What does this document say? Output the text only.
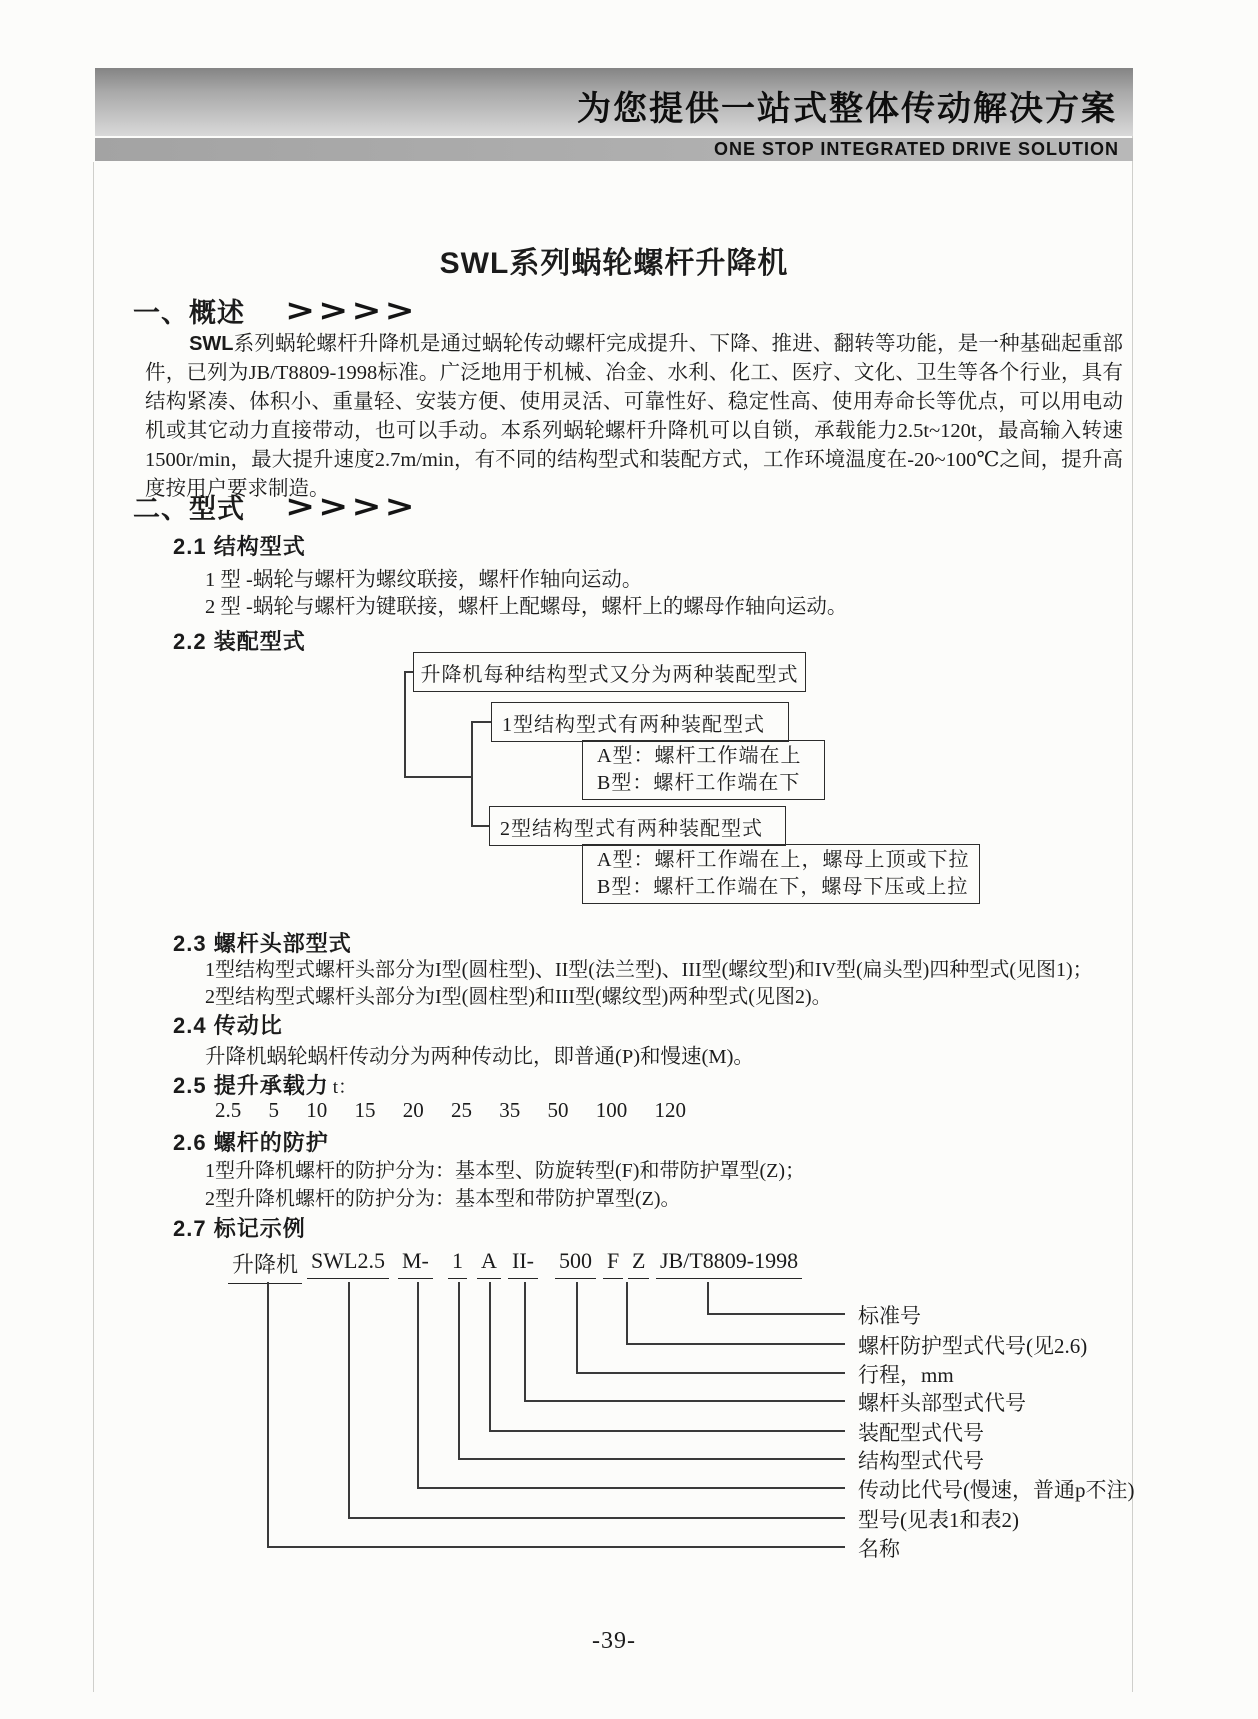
为您提供一站式整体传动解决方案
ONE STOP INTEGRATED DRIVE SOLUTION
SWL系列蜗轮螺杆升降机
一、概述 >>>>
SWL系列蜗轮螺杆升降机是通过蜗轮传动螺杆完成提升、下降、推进、翻转等功能，是一种基础起重部件，已列为JB/T8809-1998标准。广泛地用于机械、冶金、水利、化工、医疗、文化、卫生等各个行业，具有结构紧凑、体积小、重量轻、安装方便、使用灵活、可靠性好、稳定性高、使用寿命长等优点，可以用电动机或其它动力直接带动，也可以手动。本系列蜗轮螺杆升降机可以自锁，承载能力2.5t~120t，最高输入转速1500r/min，最大提升速度2.7m/min，有不同的结构型式和装配方式，工作环境温度在-20~100℃之间，提升高度按用户要求制造。
二、型式 >>>>
2.1 结构型式
1 型 -蜗轮与螺杆为螺纹联接，螺杆作轴向运动。
2 型 -蜗轮与螺杆为键联接，螺杆上配螺母，螺杆上的螺母作轴向运动。
2.2 装配型式
升降机每种结构型式又分为两种装配型式
1型结构型式有两种装配型式
A型：螺杆工作端在上
B型：螺杆工作端在下
2型结构型式有两种装配型式
A型：螺杆工作端在上，螺母上顶或下拉
B型：螺杆工作端在下，螺母下压或上拉
2.3 螺杆头部型式
1型结构型式螺杆头部分为I型(圆柱型)、II型(法兰型)、III型(螺纹型)和IV型(扁头型)四种型式(见图1)；
2型结构型式螺杆头部分为I型(圆柱型)和III型(螺纹型)两种型式(见图2)。
2.4 传动比
升降机蜗轮蜗杆传动分为两种传动比，即普通(P)和慢速(M)。
2.5 提升承载力 t：
2.5 5 10 15 20 25 35 50 100 120
2.6 螺杆的防护
1型升降机螺杆的防护分为：基本型、防旋转型(F)和带防护罩型(Z)；
2型升降机螺杆的防护分为：基本型和带防护罩型(Z)。
2.7 标记示例
升降机 SWL2.5 M- 1 A II- 500 F Z JB/T8809-1998
标准号
螺杆防护型式代号(见2.6)
行程，mm
螺杆头部型式代号
装配型式代号
结构型式代号
传动比代号(慢速，普通p不注)
型号(见表1和表2)
名称
-39-
